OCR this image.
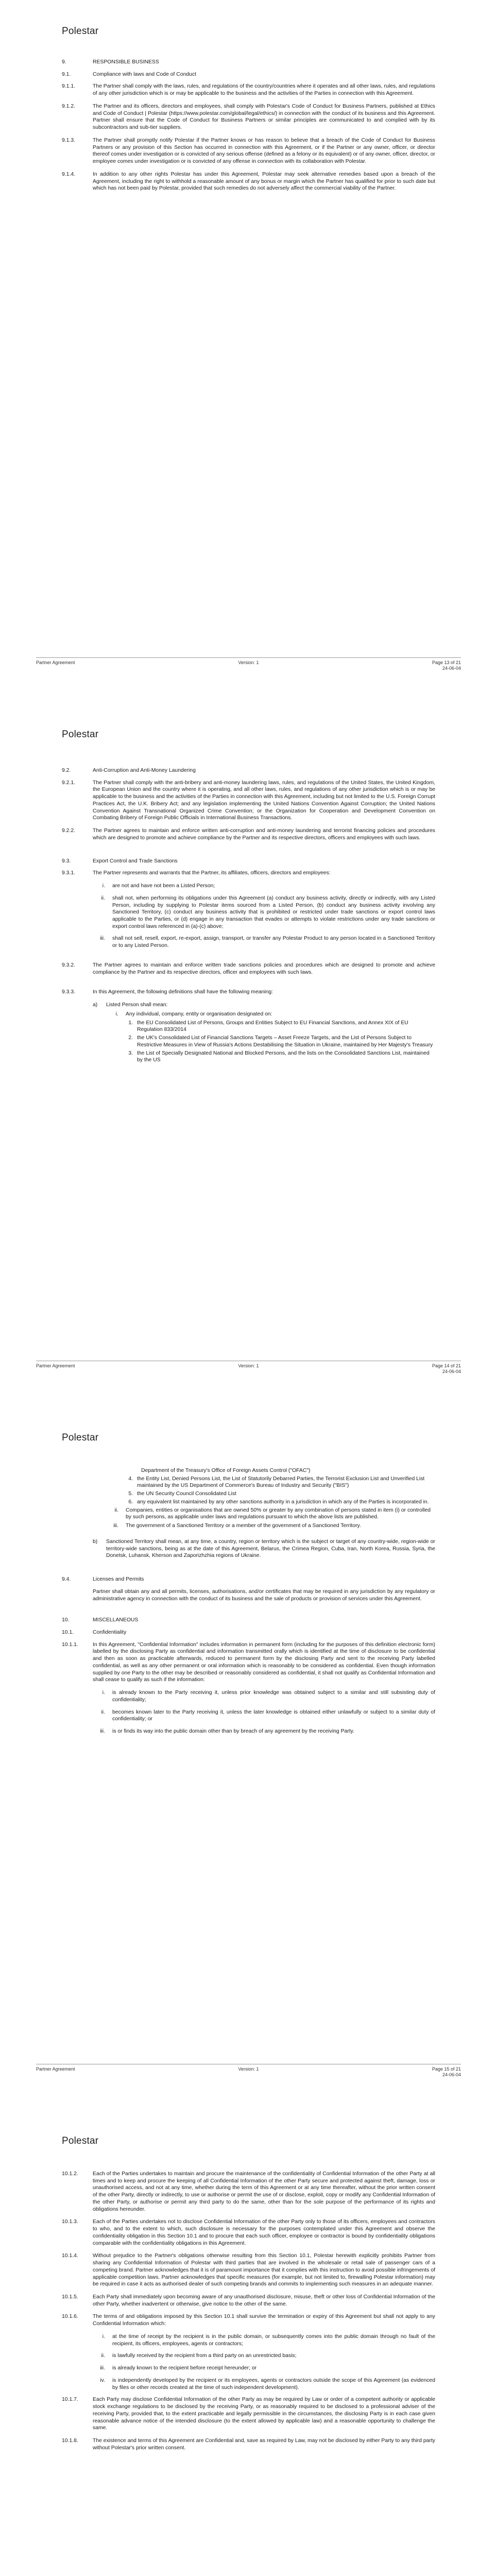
Polestar
9.	RESPONSIBLE BUSINESS
9.1.	Compliance with laws and Code of Conduct
9.1.1.	The Partner shall comply with the laws, rules, and regulations of the country/countries where it operates and all other laws, rules, and regulations of any other jurisdiction which is or may be applicable to the business and the activities of the Parties in connection with this Agreement.
9.1.2.	The Partner and its officers, directors and employees, shall comply with Polestar's Code of Conduct for Business Partners, published at Ethics and Code of Conduct | Polestar (https://www.polestar.com/global/legal/ethics/) in connection with the conduct of its business and this Agreement. Partner shall ensure that the Code of Conduct for Business Partners or similar principles are communicated to and complied with by its subcontractors and sub-tier suppliers.
9.1.3.	The Partner shall promptly notify Polestar if the Partner knows or has reason to believe that a breach of the Code of Conduct for Business Partners or any provision of this Section has occurred in connection with this Agreement, or if the Partner or any owner, officer, or director thereof comes under investigation or is convicted of any serious offense (defined as a felony or its equivalent) or of any owner, officer, director, or employee comes under investigation or is convicted of any offense in connection with its collaboration with Polestar.
9.1.4.	In addition to any other rights Polestar has under this Agreement, Polestar may seek alternative remedies based upon a breach of the Agreement, including the right to withhold a reasonable amount of any bonus or margin which the Partner has qualified for prior to such date but which has not been paid by Polestar, provided that such remedies do not adversely affect the commercial viability of the Partner.
Partner Agreement	Version: 1	Page 13 of 21
24-06-04
Polestar
9.2.	Anti-Corruption and Anti-Money Laundering
9.2.1.	The Partner shall comply with the anti-bribery and anti-money laundering laws, rules, and regulations of the United States, the United Kingdom, the European Union and the country where it is operating, and all other laws, rules, and regulations of any other jurisdiction which is or may be applicable to the business and the activities of the Parties in connection with this Agreement, including but not limited to the U.S. Foreign Corrupt Practices Act, the U.K. Bribery Act; and any legislation implementing the United Nations Convention Against Corruption; the United Nations Convention Against Transnational Organized Crime Convention; or the Organization for Cooperation and Development Convention on Combating Bribery of Foreign Public Officials in International Business Transactions.
9.2.2.	The Partner agrees to maintain and enforce written anti-corruption and anti-money laundering and terrorist financing policies and procedures which are designed to promote and achieve compliance by the Partner and its respective directors, officers and employees with such laws.
9.3.	Export Control and Trade Sanctions
9.3.1.	The Partner represents and warrants that the Partner, its affiliates, officers, directors and employees:
i.	are not and have not been a Listed Person;
ii.	shall not, when performing its obligations under this Agreement (a) conduct any business activity, directly or indirectly, with any Listed Person, including by supplying to Polestar items sourced from a Listed Person, (b) conduct any business activity involving any Sanctioned Territory, (c) conduct any business activity that is prohibited or restricted under trade sanctions or export control laws applicable to the Parties, or (d) engage in any transaction that evades or attempts to violate restrictions under any trade sanctions or export control laws referenced in (a)-(c) above;
iii.	shall not sell, resell, export, re-export, assign, transport, or transfer any Polestar Product to any person located in a Sanctioned Territory or to any Listed Person.
9.3.2.	The Partner agrees to maintain and enforce written trade sanctions policies and procedures which are designed to promote and achieve compliance by the Partner and its respective directors, officer and employees with such laws.
9.3.3.	In this Agreement, the following definitions shall have the following meaning:
a)	Listed Person shall mean:
i.	Any individual, company, entity or organisation designated on:
1. the EU Consolidated List of Persons, Groups and Entities Subject to EU Financial Sanctions, and Annex XIX of EU Regulation 833/2014
2. the UK's Consolidated List of Financial Sanctions Targets – Asset Freeze Targets, and the List of Persons Subject to Restrictive Measures in View of Russia's Actions Destabilising the Situation in Ukraine, maintained by Her Majesty's Treasury
3. the List of Specially Designated National and Blocked Persons, and the lists on the Consolidated Sanctions List, maintained by the US
Partner Agreement	Version: 1	Page 14 of 21
24-06-04
Polestar
Department of the Treasury's Office of Foreign Assets Control ("OFAC")
4. the Entity List, Denied Persons List, the List of Statutorily Debarred Parties, the Terrorist Exclusion List and Unverified List maintained by the US Department of Commerce's Bureau of Industry and Security ("BIS")
5. the UN Security Council Consolidated List
6. any equivalent list maintained by any other sanctions authority in a jurisdiction in which any of the Parties is incorporated in.
ii.	Companies, entities or organisations that are owned 50% or greater by any combination of persons stated in item (i) or controlled by such persons, as applicable under laws and regulations pursuant to which the above lists are published.
iii.	The government of a Sanctioned Territory or a member of the government of a Sanctioned Territory.
b)	Sanctioned Territory shall mean, at any time, a country, region or territory which is the subject or target of any country-wide, region-wide or territory-wide sanctions, being as at the date of this Agreement, Belarus, the Crimea Region, Cuba, Iran, North Korea, Russia, Syria, the Donetsk, Luhansk, Kherson and Zaporizhzhia regions of Ukraine.
9.4.	Licenses and Permits
Partner shall obtain any and all permits, licenses, authorisations, and/or certificates that may be required in any jurisdiction by any regulatory or administrative agency in connection with the conduct of its business and the sale of products or provision of services under this Agreement.
10.	MISCELLANEOUS
10.1.	Confidentiality
10.1.1.	In this Agreement, "Confidential Information" includes information in permanent form (including for the purposes of this definition electronic form) labelled by the disclosing Party as confidential and information transmitted orally which is identified at the time of disclosure to be confidential and then as soon as practicable afterwards, reduced to permanent form by the disclosing Party and sent to the receiving Party labelled confidential, as well as any other permanent or oral information which is reasonably to be considered as confidential. Even though information supplied by one Party to the other may be described or reasonably considered as confidential, it shall not qualify as Confidential Information and shall cease to qualify as such if the information:
i.	is already known to the Party receiving it, unless prior knowledge was obtained subject to a similar and still subsisting duty of confidentiality;
ii.	becomes known later to the Party receiving it, unless the later knowledge is obtained either unlawfully or subject to a similar duty of confidentiality; or
iii.	is or finds its way into the public domain other than by breach of any agreement by the receiving Party.
Partner Agreement	Version: 1	Page 15 of 21
24-06-04
Polestar
10.1.2.	Each of the Parties undertakes to maintain and procure the maintenance of the confidentiality of Confidential Information of the other Party at all times and to keep and procure the keeping of all Confidential Information of the other Party secure and protected against theft, damage, loss or unauthorised access, and not at any time, whether during the term of this Agreement or at any time thereafter, without the prior written consent of the other Party, directly or indirectly, to use or authorise or permit the use of or disclose, exploit, copy or modify any Confidential Information of the other Party, or authorise or permit any third party to do the same, other than for the sole purpose of the performance of its rights and obligations hereunder.
10.1.3.	Each of the Parties undertakes not to disclose Confidential Information of the other Party only to those of its officers, employees and contractors to who, and to the extent to which, such disclosure is necessary for the purposes contemplated under this Agreement and observe the confidentiality obligation in this Section 10.1 and to procure that each such officer, employee or contractor is bound by confidentiality obligations comparable with the confidentiality obligations in this Agreement.
10.1.4.	Without prejudice to the Partner's obligations otherwise resulting from this Section 10.1, Polestar herewith explicitly prohibits Partner from sharing any Confidential Information of Polestar with third parties that are involved in the wholesale or retail sale of passenger cars of a competing brand. Partner acknowledges that it is of paramount importance that it complies with this instruction to avoid possible infringements of applicable competition laws. Partner acknowledges that specific measures (for example, but not limited to, firewalling Polestar information) may be required in case it acts as authorised dealer of such competing brands and commits to implementing such measures in an adequate manner.
10.1.5.	Each Party shall immediately upon becoming aware of any unauthorised disclosure, misuse, theft or other loss of Confidential Information of the other Party, whether inadvertent or otherwise, give notice to the other of the same.
10.1.6.	The terms of and obligations imposed by this Section 10.1 shall survive the termination or expiry of this Agreement but shall not apply to any Confidential Information which:
i.	at the time of receipt by the recipient is in the public domain, or subsequently comes into the public domain through no fault of the recipient, its officers, employees, agents or contractors;
ii.	is lawfully received by the recipient from a third party on an unrestricted basis;
iii.	is already known to the recipient before receipt hereunder; or
iv.	is independently developed by the recipient or its employees, agents or contractors outside the scope of this Agreement (as evidenced by files or other records created at the time of such independent development).
10.1.7.	Each Party may disclose Confidential Information of the other Party as may be required by Law or order of a competent authority or applicable stock exchange regulations to be disclosed by the receiving Party, or as reasonably required to be disclosed to a professional adviser of the receiving Party, provided that, to the extent practicable and legally permissible in the circumstances, the disclosing Party is in each case given reasonable advance notice of the intended disclosure (to the extent allowed by applicable law) and a reasonable opportunity to challenge the same.
10.1.8.	The existence and terms of this Agreement are Confidential and, save as required by Law, may not be disclosed by either Party to any third party without Polestar's prior written consent.
